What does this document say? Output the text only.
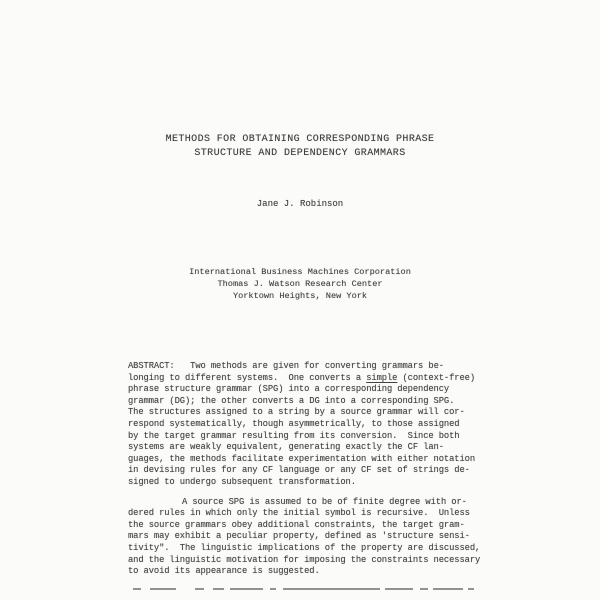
METHODS FOR OBTAINING CORRESPONDING PHRASE
STRUCTURE AND DEPENDENCY GRAMMARS
Jane J. Robinson
International Business Machines Corporation
Thomas J. Watson Research Center
Yorktown Heights, New York
ABSTRACT:   Two methods are given for converting grammars be-
longing to different systems.  One converts a simple (context-free)
phrase structure grammar (SPG) into a corresponding dependency
grammar (DG); the other converts a DG into a corresponding SPG.
The structures assigned to a string by a source grammar will cor-
respond systematically, though asymmetrically, to those assigned
by the target grammar resulting from its conversion.  Since both
systems are weakly equivalent, generating exactly the CF lan-
guages, the methods facilitate experimentation with either notation
in devising rules for any CF language or any CF set of strings de-
signed to undergo subsequent transformation.
A source SPG is assumed to be of finite degree with or-
dered rules in which only the initial symbol is recursive.  Unless
the source grammars obey additional constraints, the target gram-
mars may exhibit a peculiar property, defined as 'structure sensi-
tivity".  The linguistic implications of the property are discussed,
and the linguistic motivation for imposing the constraints necessary
to avoid its appearance is suggested.
